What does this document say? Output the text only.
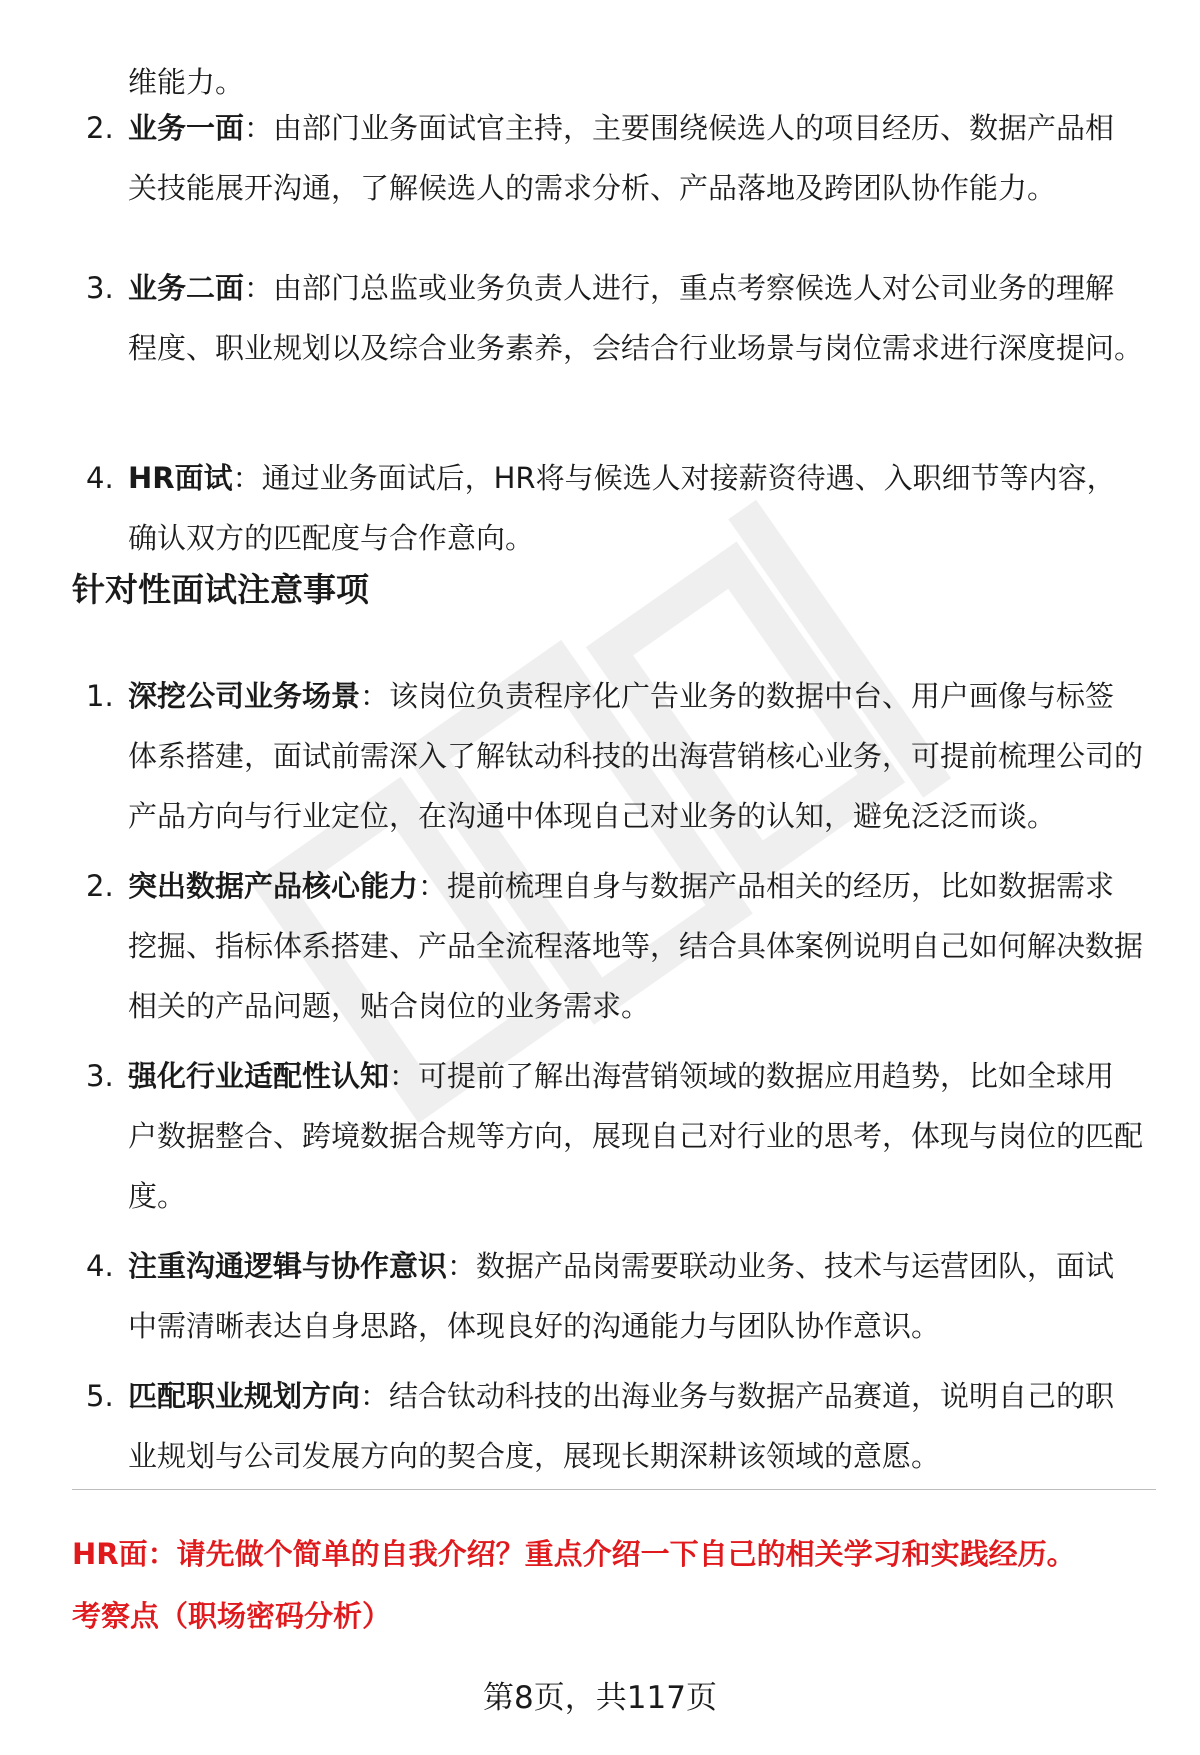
维能力。
2. 业务一面：由部门业务面试官主持，主要围绕候选人的项目经历、数据产品相关技能展开沟通，了解候选人的需求分析、产品落地及跨团队协作能力。
3. 业务二面：由部门总监或业务负责人进行，重点考察候选人对公司业务的理解程度、职业规划以及综合业务素养，会结合行业场景与岗位需求进行深度提问。
4. HR面试：通过业务面试后，HR将与候选人对接薪资待遇、入职细节等内容，确认双方的匹配度与合作意向。
针对性面试注意事项
1. 深挖公司业务场景：该岗位负责程序化广告业务的数据中台、用户画像与标签体系搭建，面试前需深入了解钛动科技的出海营销核心业务，可提前梳理公司的产品方向与行业定位，在沟通中体现自己对业务的认知，避免泛泛而谈。
2. 突出数据产品核心能力：提前梳理自身与数据产品相关的经历，比如数据需求挖掘、指标体系搭建、产品全流程落地等，结合具体案例说明自己如何解决数据相关的产品问题，贴合岗位的业务需求。
3. 强化行业适配性认知：可提前了解出海营销领域的数据应用趋势，比如全球用户数据整合、跨境数据合规等方向，展现自己对行业的思考，体现与岗位的匹配度。
4. 注重沟通逻辑与协作意识：数据产品岗需要联动业务、技术与运营团队，面试中需清晰表达自身思路，体现良好的沟通能力与团队协作意识。
5. 匹配职业规划方向：结合钛动科技的出海业务与数据产品赛道，说明自己的职业规划与公司发展方向的契合度，展现长期深耕该领域的意愿。
HR面：请先做个简单的自我介绍？重点介绍一下自己的相关学习和实践经历。
考察点（职场密码分析）
第8页，共117页
